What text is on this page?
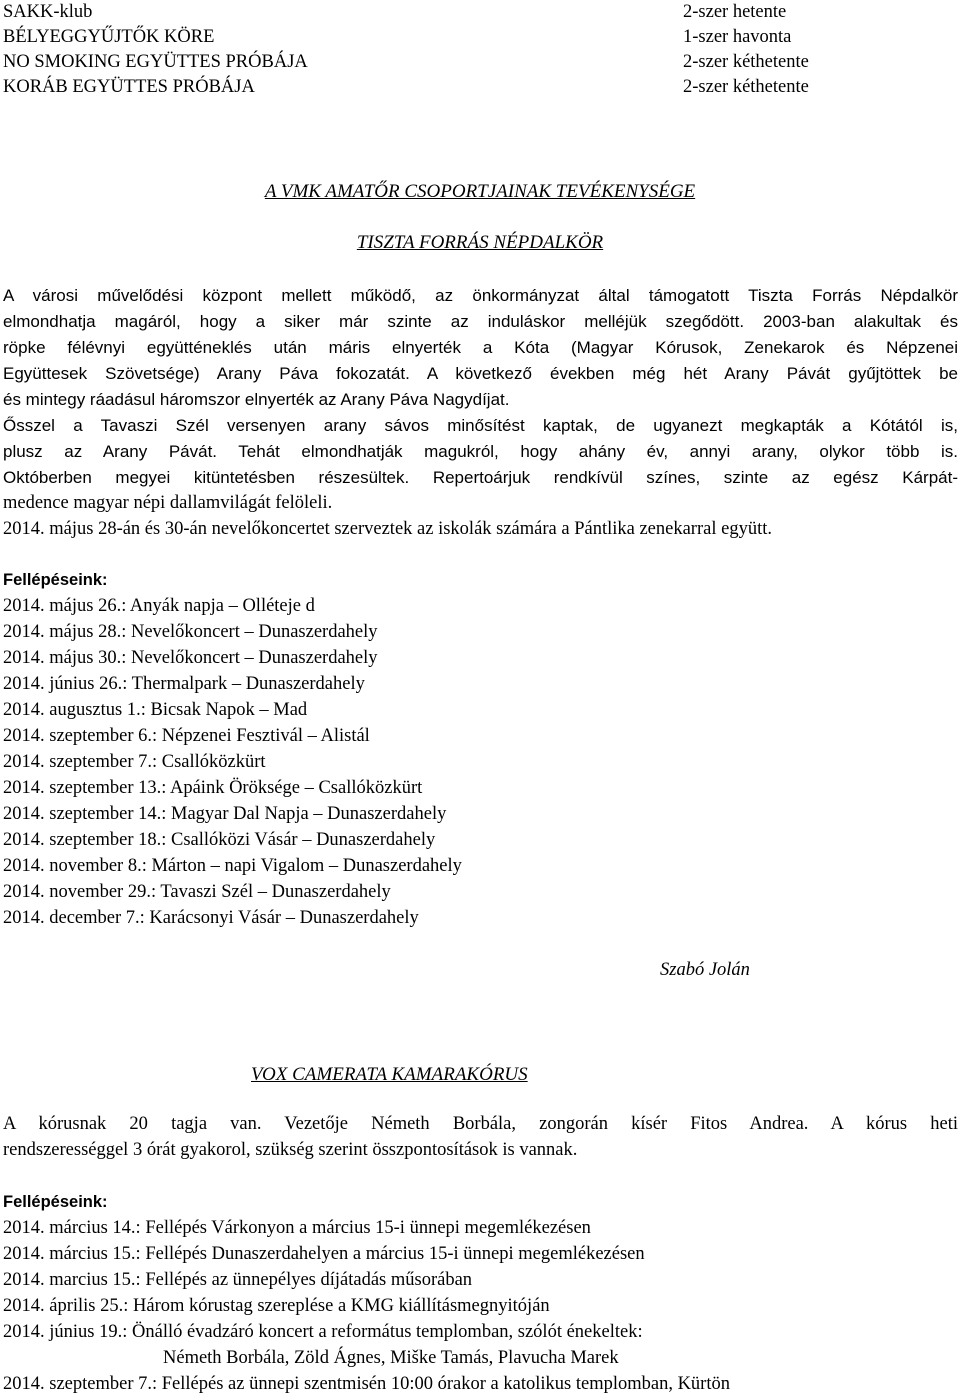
SAKK-klub
BÉLYEGGYŰJTŐK KÖRE
NO SMOKING EGYÜTTES PRÓBÁJA
KORÁB EGYÜTTES PRÓBÁJA
2-szer hetente
1-szer havonta
2-szer kéthetente
2-szer kéthetente
A VMK AMATŐR CSOPORTJAINAK TEVÉKENYSÉGE
TISZTA FORRÁS NÉPDALKÖR
A városi művelődési központ mellett működő, az önkormányzat által támogatott Tiszta Forrás Népdalkör
elmondhatja magáról, hogy a siker már szinte az induláskor melléjük szegődött. 2003-ban alakultak és
röpke félévnyi együtténeklés után máris elnyerték a Kóta (Magyar Kórusok, Zenekarok és Népzenei
Együttesek Szövetsége) Arany Páva fokozatát. A következő években még hét Arany Pávát gyűjtöttek be
és mintegy ráadásul háromszor elnyerték az Arany Páva Nagydíjat.
Ősszel a Tavaszi Szél versenyen arany sávos minősítést kaptak, de ugyanezt megkapták a Kótától is,
plusz az Arany Pávát. Tehát elmondhatják magukról, hogy ahány év, annyi arany, olykor több is.
Októberben megyei kitüntetésben részesültek. Repertoárjuk rendkívül színes, szinte az egész Kárpát-
medence magyar népi dallamvilágát felöleli.
2014. május 28-án és 30-án nevelőkoncertet szerveztek az iskolák számára a Pántlika zenekarral együtt.
Fellépéseink:
2014. május 26.: Anyák napja – Olléteje d
2014. május 28.: Nevelőkoncert – Dunaszerdahely
2014. május 30.: Nevelőkoncert – Dunaszerdahely
2014. június 26.: Thermalpark – Dunaszerdahely
2014. augusztus 1.: Bicsak Napok – Mad
2014. szeptember 6.: Népzenei Fesztivál – Alistál
2014. szeptember 7.: Csallóközkürt
2014. szeptember 13.: Apáink Öröksége – Csallóközkürt
2014. szeptember 14.: Magyar Dal Napja – Dunaszerdahely
2014. szeptember 18.: Csallóközi Vásár – Dunaszerdahely
2014. november 8.: Márton – napi Vigalom – Dunaszerdahely
2014. november 29.: Tavaszi Szél – Dunaszerdahely
2014. december 7.: Karácsonyi Vásár – Dunaszerdahely
Szabó Jolán
VOX CAMERATA KAMARAKÓRUS
A kórusnak 20 tagja van. Vezetője Németh Borbála, zongorán kísér Fitos Andrea. A kórus heti
rendszerességgel 3 órát gyakorol, szükség szerint összpontosítások is vannak.
Fellépéseink:
2014. március 14.: Fellépés Várkonyon a március 15-i ünnepi megemlékezésen
2014. március 15.: Fellépés Dunaszerdahelyen a március 15-i ünnepi megemlékezésen
2014. marcius 15.: Fellépés az ünnepélyes díjátadás műsorában
2014. április 25.: Három kórustag szereplése a KMG kiállításmegnyitóján
2014. június 19.: Önálló évadzáró koncert a református templomban, szólót énekeltek:
Németh Borbála, Zöld Ágnes, Miške Tamás, Plavucha Marek
2014. szeptember 7.: Fellépés az ünnepi szentmisén 10:00 órakor a katolikus templomban, Kürtön
